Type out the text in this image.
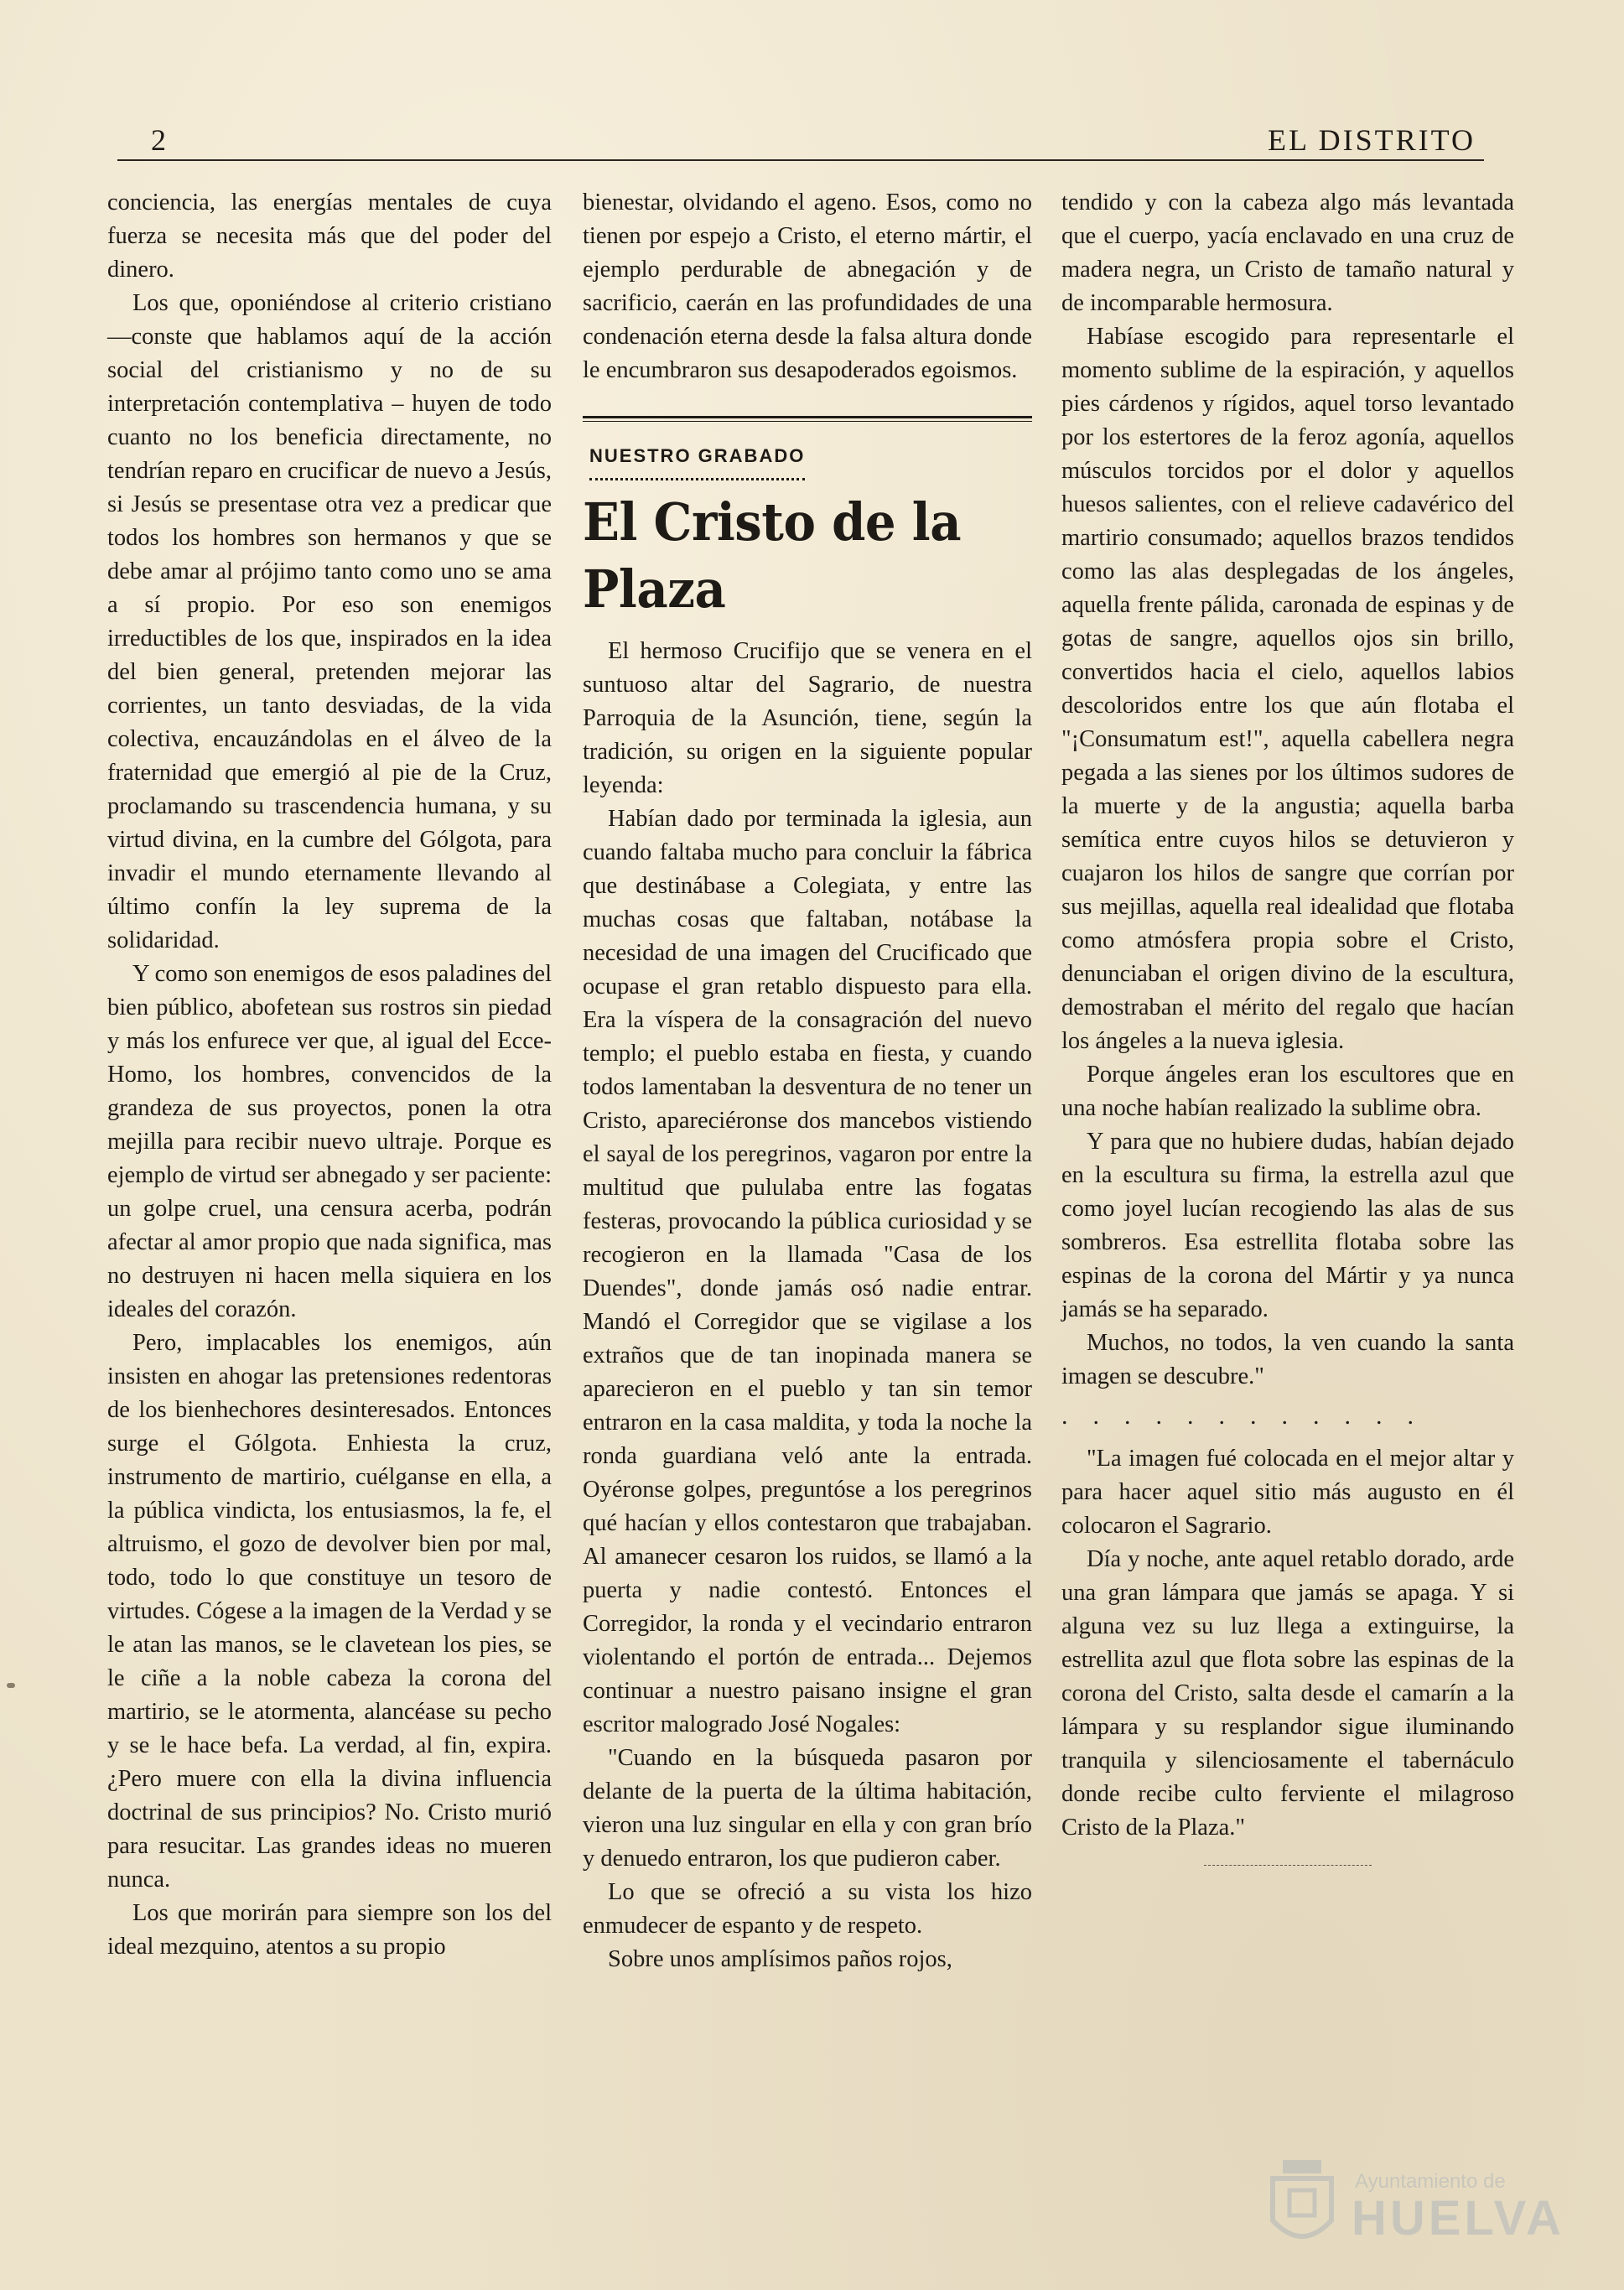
2	EL DISTRITO

conciencia, las energías mentales de cuya fuerza se necesita más que del poder del dinero.

Los que, oponiéndose al criterio cristiano—conste que hablamos aquí de la acción social del cristianismo y no de su interpretación contemplativa – huyen de todo cuanto no los beneficia directamente, no tendrían reparo en crucificar de nuevo a Jesús, si Jesús se presentase otra vez a predicar que todos los hombres son hermanos y que se debe amar al prójimo tanto como uno se ama a sí propio. Por eso son enemigos irreductibles de los que, inspirados en la idea del bien general, pretenden mejorar las corrientes, un tanto desviadas, de la vida colectiva, encauzándolas en el álveo de la fraternidad que emergió al pie de la Cruz, proclamando su trascendencia humana, y su virtud divina, en la cumbre del Gólgota, para invadir el mundo eternamente llevando al último confín la ley suprema de la solidaridad.

Y como son enemigos de esos paladines del bien público, abofetean sus rostros sin piedad y más los enfurece ver que, al igual del Ecce-Homo, los hombres, convencidos de la grandeza de sus proyectos, ponen la otra mejilla para recibir nuevo ultraje. Porque es ejemplo de virtud ser abnegado y ser paciente: un golpe cruel, una censura acerba, podrán afectar al amor propio que nada significa, mas no destruyen ni hacen mella siquiera en los ideales del corazón.

Pero, implacables los enemigos, aún insisten en ahogar las pretensiones redentoras de los bienhechores desinteresados. Entonces surge el Gólgota. Enhiesta la cruz, instrumento de martirio, cuélganse en ella, a la pública vindicta, los entusiasmos, la fe, el altruismo, el gozo de devolver bien por mal, todo, todo lo que constituye un tesoro de virtudes. Cógese a la imagen de la Verdad y se le atan las manos, se le clavetean los pies, se le ciñe a la noble cabeza la corona del martirio, se le atormenta, alancéase su pecho y se le hace befa. La verdad, al fin, expira. ¿Pero muere con ella la divina influencia doctrinal de sus principios? No. Cristo murió para resucitar. Las grandes ideas no mueren nunca.

Los que morirán para siempre son los del ideal mezquino, atentos a su propio

bienestar, olvidando el ageno. Esos, como no tienen por espejo a Cristo, el eterno mártir, el ejemplo perdurable de abnegación y de sacrificio, caerán en las profundidades de una condenación eterna desde la falsa altura donde le encumbraron sus desapoderados egoismos.

NUESTRO GRABADO
El Cristo de la Plaza

El hermoso Crucifijo que se venera en el suntuoso altar del Sagrario, de nuestra Parroquia de la Asunción, tiene, según la tradición, su origen en la siguiente popular leyenda:

Habían dado por terminada la iglesia, aun cuando faltaba mucho para concluir la fábrica que destinábase a Colegiata, y entre las muchas cosas que faltaban, notábase la necesidad de una imagen del Crucificado que ocupase el gran retablo dispuesto para ella. Era la víspera de la consagración del nuevo templo; el pueblo estaba en fiesta, y cuando todos lamentaban la desventura de no tener un Cristo, apareciéronse dos mancebos vistiendo el sayal de los peregrinos, vagaron por entre la multitud que pululaba entre las fogatas festeras, provocando la pública curiosidad y se recogieron en la llamada "Casa de los Duendes", donde jamás osó nadie entrar. Mandó el Corregidor que se vigilase a los extraños que de tan inopinada manera se aparecieron en el pueblo y tan sin temor entraron en la casa maldita, y toda la noche la ronda guardiana veló ante la entrada. Oyéronse golpes, preguntóse a los peregrinos qué hacían y ellos contestaron que trabajaban. Al amanecer cesaron los ruidos, se llamó a la puerta y nadie contestó. Entonces el Corregidor, la ronda y el vecindario entraron violentando el portón de entrada... Dejemos continuar a nuestro paisano insigne el gran escritor malogrado José Nogales:

"Cuando en la búsqueda pasaron por delante de la puerta de la última habitación, vieron una luz singular en ella y con gran brío y denuedo entraron, los que pudieron caber.

Lo que se ofreció a su vista los hizo enmudecer de espanto y de respeto.

Sobre unos amplísimos paños rojos,

tendido y con la cabeza algo más levantada que el cuerpo, yacía enclavado en una cruz de madera negra, un Cristo de tamaño natural y de incomparable hermosura.

Habíase escogido para representarle el momento sublime de la espiración, y aquellos pies cárdenos y rígidos, aquel torso levantado por los estertores de la feroz agonía, aquellos músculos torcidos por el dolor y aquellos huesos salientes, con el relieve cadavérico del martirio consumado; aquellos brazos tendidos como las alas desplegadas de los ángeles, aquella frente pálida, caronada de espinas y de gotas de sangre, aquellos ojos sin brillo, convertidos hacia el cielo, aquellos labios descoloridos entre los que aún flotaba el "¡Consumatum est!", aquella cabellera negra pegada a las sienes por los últimos sudores de la muerte y de la angustia; aquella barba semítica entre cuyos hilos se detuvieron y cuajaron los hilos de sangre que corrían por sus mejillas, aquella real idealidad que flotaba como atmósfera propia sobre el Cristo, denunciaban el origen divino de la escultura, demostraban el mérito del regalo que hacían los ángeles a la nueva iglesia.

Porque ángeles eran los escultores que en una noche habían realizado la sublime obra.

Y para que no hubiere dudas, habían dejado en la escultura su firma, la estrella azul que como joyel lucían recogiendo las alas de sus sombreros. Esa estrellita flotaba sobre las espinas de la corona del Mártir y ya nunca jamás se ha separado.

Muchos, no todos, la ven cuando la santa imagen se descubre."

............

"La imagen fué colocada en el mejor altar y para hacer aquel sitio más augusto en él colocaron el Sagrario.

Día y noche, ante aquel retablo dorado, arde una gran lámpara que jamás se apaga. Y si alguna vez su luz llega a extinguirse, la estrellita azul que flota sobre las espinas de la corona del Cristo, salta desde el camarín a la lámpara y su resplandor sigue iluminando tranquila y silenciosamente el tabernáculo donde recibe culto ferviente el milagroso Cristo de la Plaza."

Ayuntamiento de
HUELVA
